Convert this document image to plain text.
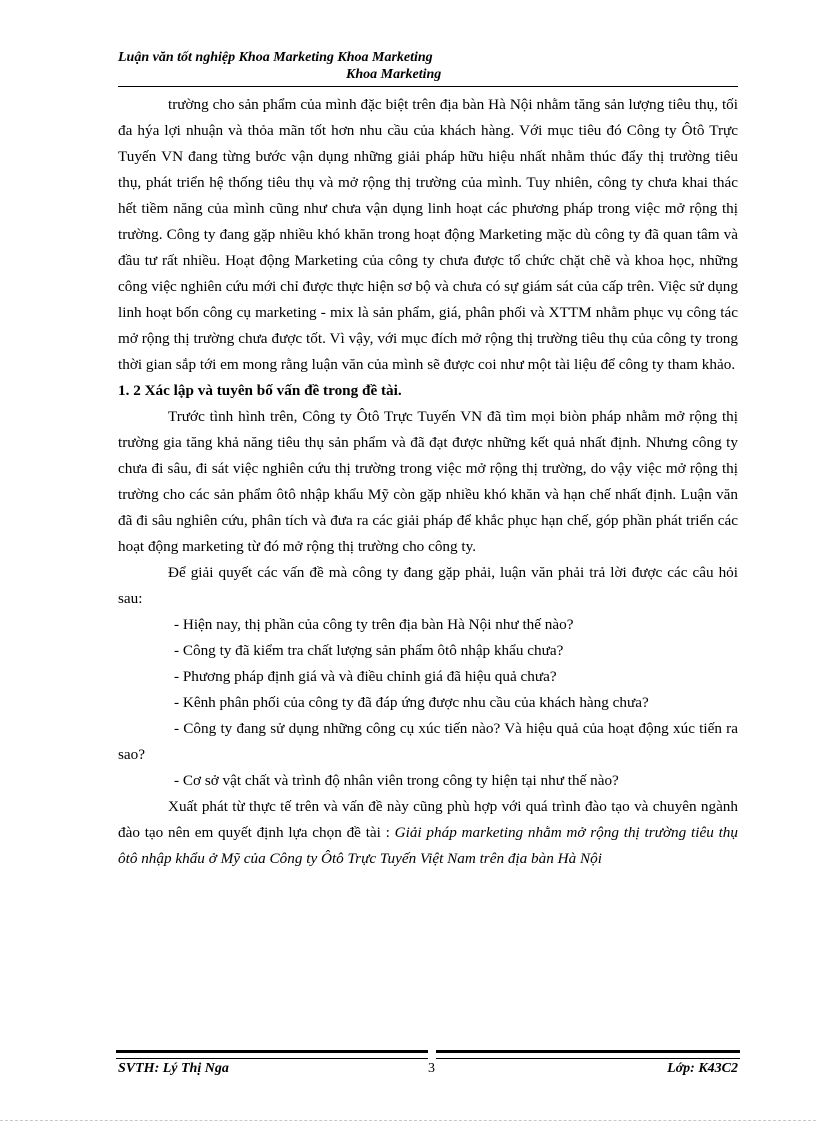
Luận văn tốt nghiệp Khoa Marketing Khoa Marketing
Khoa Marketing

trường cho sản phẩm của mình đặc biệt trên địa bàn Hà Nội nhằm tăng sản lượng tiêu thụ, tối đa hýa lợi nhuận và thỏa mãn tốt hơn nhu cầu của khách hàng. Với mục tiêu đó Công ty Ôtô Trực Tuyến VN đang từng bước vận dụng những giải pháp hữu hiệu nhất nhằm thúc đẩy thị trường tiêu thụ, phát triển hệ thống tiêu thụ và mở rộng thị trường của mình. Tuy nhiên, công ty chưa khai thác hết tiềm năng của mình cũng như chưa vận dụng linh hoạt các phương pháp trong việc mở rộng thị trường. Công ty đang gặp nhiều khó khăn trong hoạt động Marketing mặc dù công ty đã quan tâm và đầu tư rất nhiều. Hoạt động Marketing của công ty chưa được tổ chức chặt chẽ và khoa học, những công việc nghiên cứu mới chỉ được thực hiện sơ bộ và chưa có sự giám sát của cấp trên. Việc sử dụng linh hoạt bốn công cụ marketing - mix là sản phẩm, giá, phân phối và XTTM nhằm phục vụ công tác mở rộng thị trường chưa được tốt. Vì vậy, với mục đích mở rộng thị trường tiêu thụ của công ty trong thời gian sắp tới em mong rằng luận văn của mình sẽ được coi như một tài liệu để công ty tham khảo.

1. 2 Xác lập và tuyên bố vấn đề trong đề tài.

Trước tình hình trên, Công ty Ôtô Trực Tuyến VN đã tìm mọi biòn pháp nhằm mở rộng thị trường gia tăng khả năng tiêu thụ sản phẩm và đã đạt được những kết quả nhất định. Nhưng công ty chưa đi sâu, đi sát việc nghiên cứu thị trường trong việc mở rộng thị trường, do vậy việc mở rộng thị trường cho các sản phẩm ôtô nhập khẩu Mỹ còn gặp nhiều khó khăn và hạn chế nhất định. Luận văn đã đi sâu nghiên cứu, phân tích và đưa ra các giải pháp để khắc phục hạn chế, góp phần phát triển các hoạt động marketing từ đó mở rộng thị trường cho công ty.

Để giải quyết các vấn đề mà công ty đang gặp phải, luận văn phải trả lời được các câu hỏi sau:

- Hiện nay, thị phần của công ty trên địa bàn Hà Nội như thế nào?

- Công ty đã kiểm tra chất lượng sản phẩm ôtô nhập khẩu chưa?

- Phương pháp định giá và và điều chỉnh giá đã hiệu quả chưa?

- Kênh phân phối của công ty đã đáp ứng được nhu cầu của khách hàng chưa?

- Công ty đang sử dụng những công cụ xúc tiến nào? Và hiệu quả của hoạt động xúc tiến ra sao?

- Cơ sở vật chất và trình độ nhân viên trong công ty hiện tại như thế nào?

Xuất phát từ thực tế trên và vấn đề này cũng phù hợp với quá trình đào tạo và chuyên ngành đào tạo nên em quyết định lựa chọn đề tài : Giải pháp marketing nhằm mở rộng thị trường tiêu thụ ôtô nhập khẩu ở Mỹ của Công ty Ôtô Trực Tuyến Việt Nam trên địa bàn Hà Nội

SVTH: Lý Thị Nga	3	Lớp: K43C2
